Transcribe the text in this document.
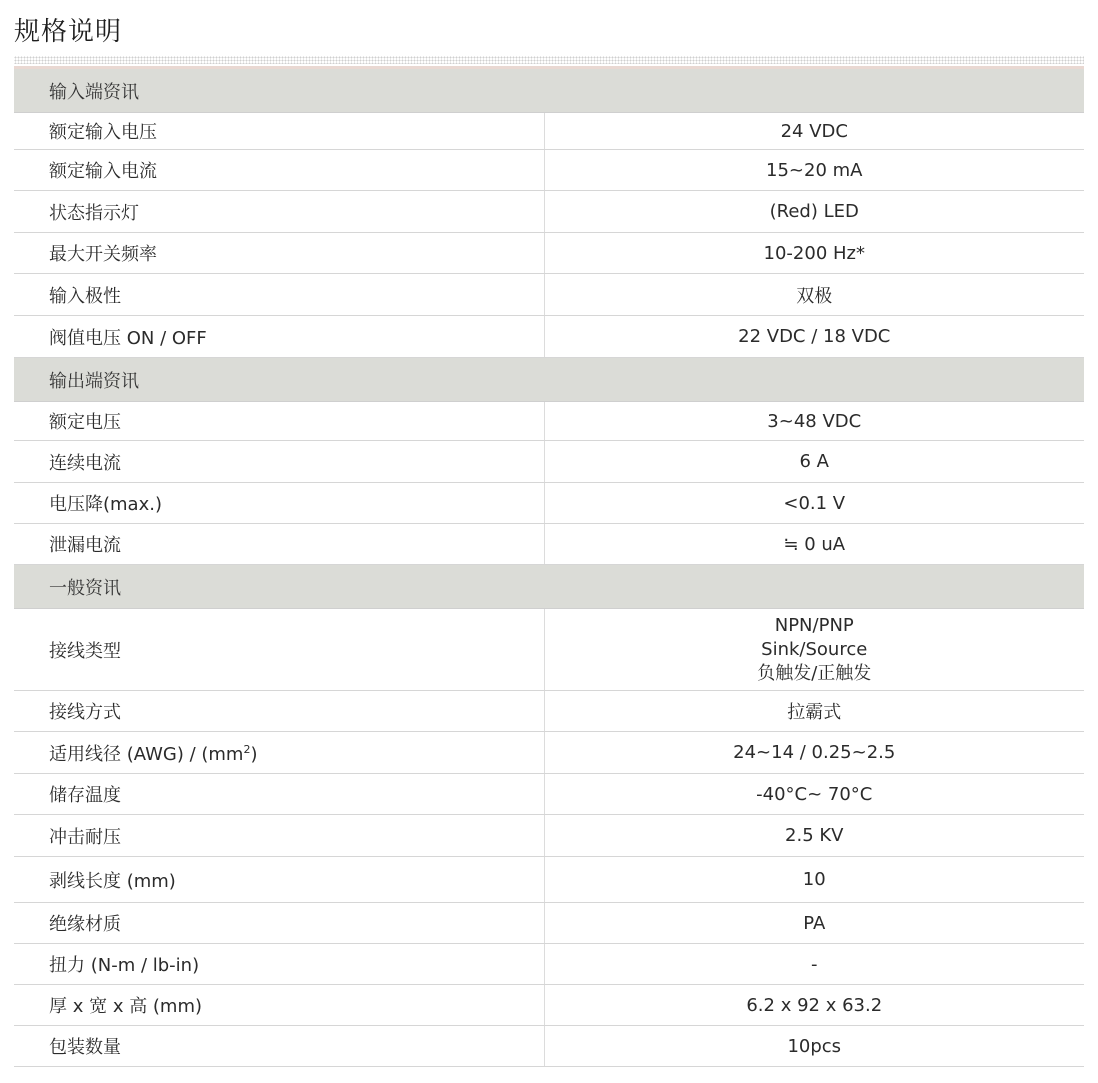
规格说明
输入端资讯	
额定输入电压	24 VDC
额定输入电流	15~20 mA
状态指示灯	(Red) LED
最大开关频率	10-200 Hz*
输入极性	双极
阀值电压 ON / OFF	22 VDC / 18 VDC
输出端资讯	
额定电压	3~48 VDC
连续电流	6 A
电压降(max.)	<0.1 V
泄漏电流	≒ 0 uA
一般资讯	
接线类型	NPN/PNP
Sink/Source
负触发/正触发

接线方式	拉霸式
适用线径 $(AWG) / (mm^2)$	24~14 / 0.25~2.5
储存温度	-40°C~ 70°C
冲击耐压	2.5 KV
剥线长度 (mm)	10
绝缘材质	PA
扭力 (N-m / lb-in)	-
厚 x 宽 x 高 (mm)	6.2 x 92 x 63.2
包装数量	10pcs
